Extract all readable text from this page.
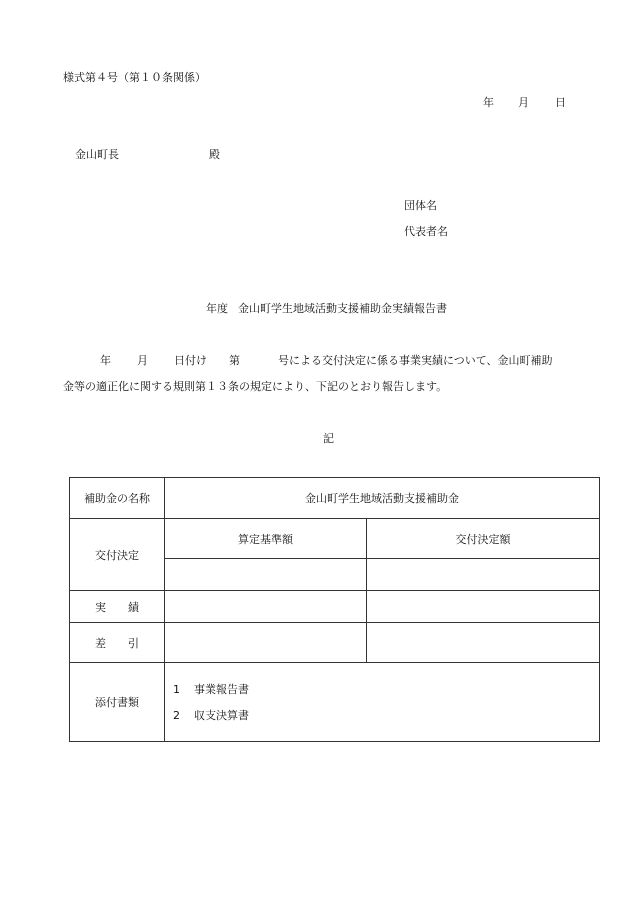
様式第４号（第１０条関係）
年 月 日
金山町長	殿
団体名
代表者名
年度 金山町学生地域活動支援補助金実績報告書
年 月 日付け 第	号による交付決定に係る事業実績について、金山町補助
金等の適正化に関する規則第１３条の規定により、下記のとおり報告します。
記
補助金の名称	金山町学生地域活動支援補助金	
交付決定	算定基準額	交付決定額

実　　績		
差　　引		
添付書類	1 事業報告書
2 収支決算書	
